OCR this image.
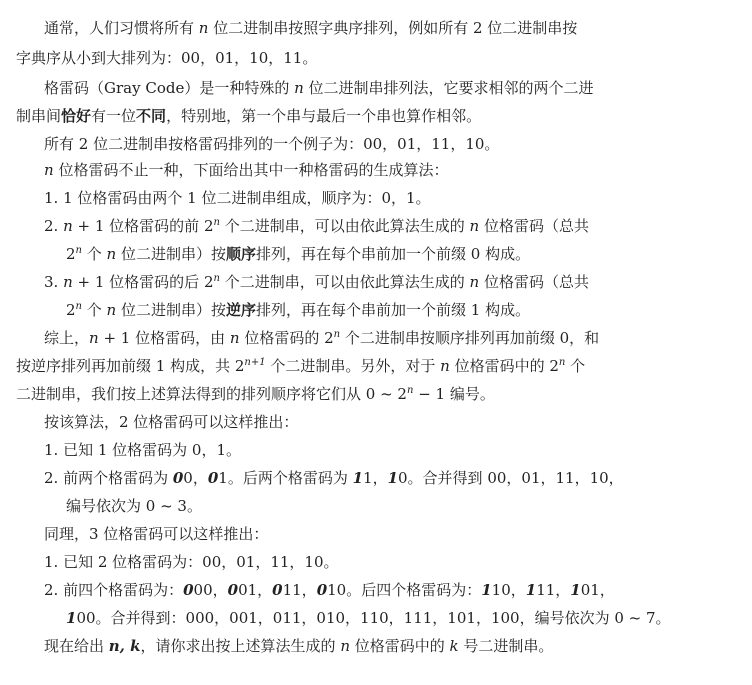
通常，人们习惯将所有 n 位二进制串按照字典序排列，例如所有 2 位二进制串按
字典序从小到大排列为：00，01，10，11。
格雷码（Gray Code）是一种特殊的 n 位二进制串排列法，它要求相邻的两个二进
制串间恰好有一位不同，特别地，第一个串与最后一个串也算作相邻。
所有 2 位二进制串按格雷码排列的一个例子为：00，01，11，10。
n 位格雷码不止一种，下面给出其中一种格雷码的生成算法：
1. 1 位格雷码由两个 1 位二进制串组成，顺序为：0，1。
2. n + 1 位格雷码的前 2$^n$ 个二进制串，可以由依此算法生成的 n 位格雷码（总共
2$^n$ 个 n 位二进制串）按顺序排列，再在每个串前加一个前缀 0 构成。
3. n + 1 位格雷码的后 2$^n$ 个二进制串，可以由依此算法生成的 n 位格雷码（总共
2$^n$ 个 n 位二进制串）按逆序排列，再在每个串前加一个前缀 1 构成。
综上，n + 1 位格雷码，由 n 位格雷码的 2$^n$ 个二进制串按顺序排列再加前缀 0，和
按逆序排列再加前缀 1 构成，共 $2^{n+1}$ 个二进制串。另外，对于 n 位格雷码中的 2$^n$ 个
二进制串，我们按上述算法得到的排列顺序将它们从 0 ~ $2^n - 1$ 编号。
按该算法，2 位格雷码可以这样推出：
1. 已知 1 位格雷码为 0，1。
2. 前两个格雷码为 00，01。后两个格雷码为 11，10。合并得到 00，01，11，10，
编号依次为 0 ~ 3。
同理，3 位格雷码可以这样推出：
1. 已知 2 位格雷码为：00，01，11，10。
2. 前四个格雷码为：000，001，011，010。后四个格雷码为：110，111，101，
100。合并得到：000，001，011，010，110，111，101，100，编号依次为 0 ~ 7。
现在给出 n, k，请你求出按上述算法生成的 n 位格雷码中的 k 号二进制串。
